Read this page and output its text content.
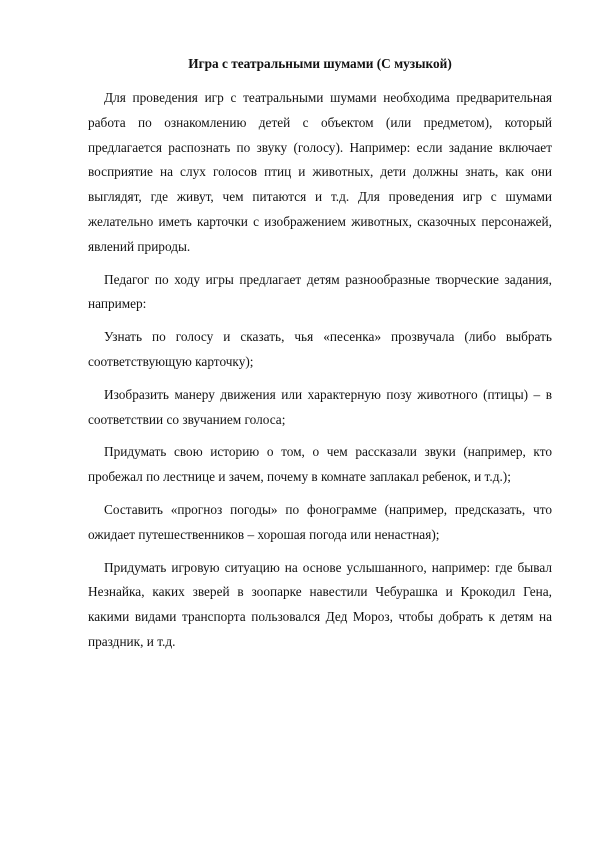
Игра с театральными шумами (С музыкой)

Для проведения игр с театральными шумами необходима предварительная работа по ознакомлению детей с объектом (или предметом), который предлагается распознать по звуку (голосу). Например: если задание включает восприятие на слух голосов птиц и животных, дети должны знать, как они выглядят, где живут, чем питаются и т.д. Для проведения игр с шумами желательно иметь карточки с изображением животных, сказочных персонажей, явлений природы.

Педагог по ходу игры предлагает детям разнообразные творческие задания, например:

Узнать по голосу и сказать, чья «песенка» прозвучала (либо выбрать соответствующую карточку);

Изобразить манеру движения или характерную позу животного (птицы) – в соответствии со звучанием голоса;

Придумать свою историю о том, о чем рассказали звуки (например, кто пробежал по лестнице и зачем, почему в комнате заплакал ребенок, и т.д.);

Составить «прогноз погоды» по фонограмме (например, предсказать, что ожидает путешественников – хорошая погода или ненастная);

Придумать игровую ситуацию на основе услышанного, например: где бывал Незнайка, каких зверей в зоопарке навестили Чебурашка и Крокодил Гена, какими видами транспорта пользовался Дед Мороз, чтобы добрать к детям на праздник, и т.д.
